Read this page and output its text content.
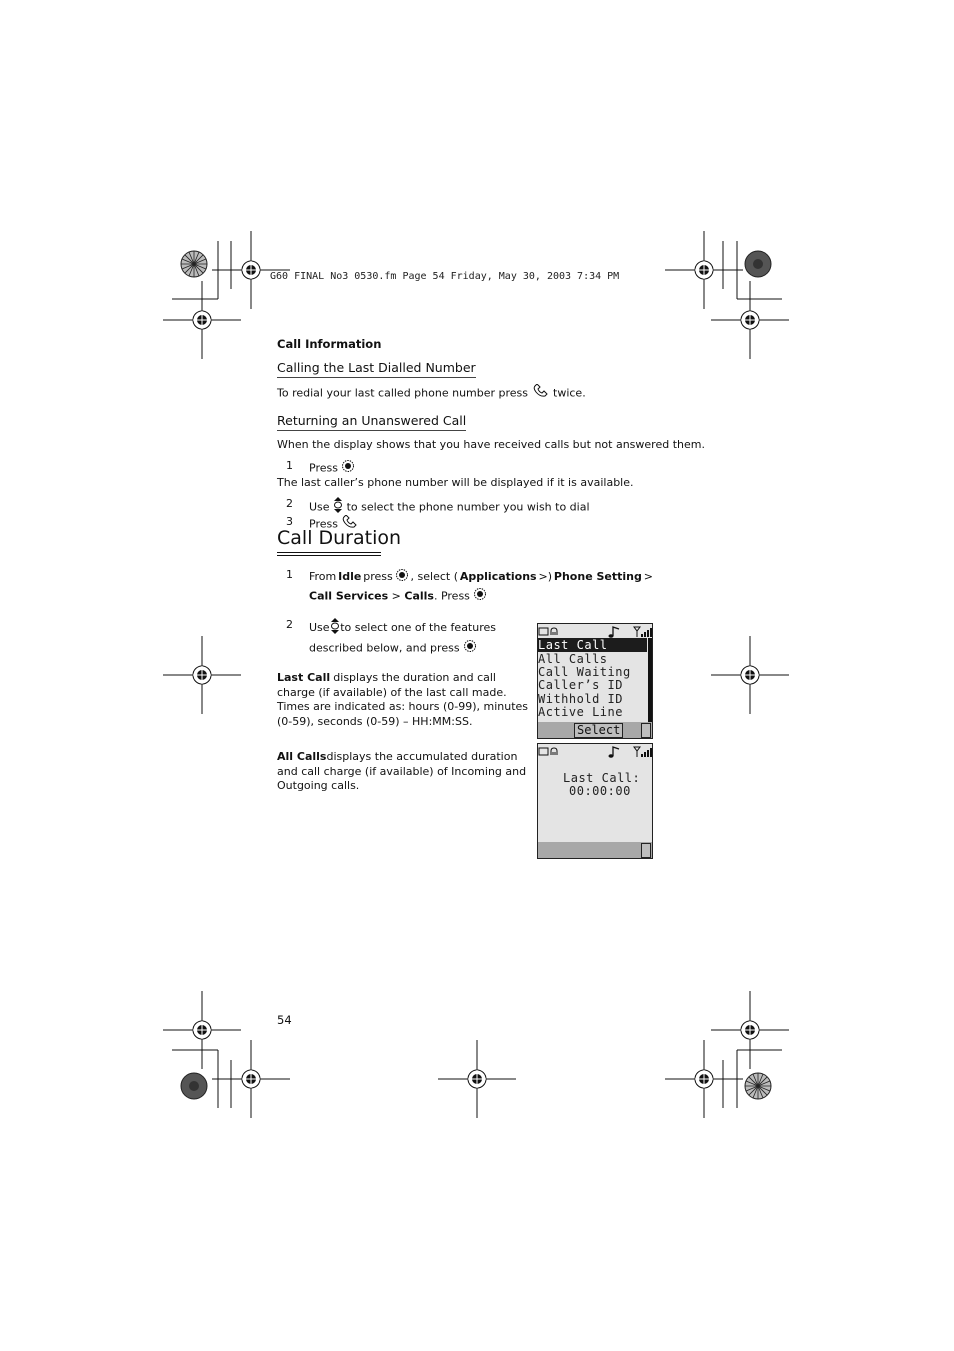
G60 FINAL No3 0530.fm Page 54 Friday, May 30, 2003 7:34 PM
Call Information
Calling the Last Dialled Number
To redial your last called phone number press twice.
Returning an Unanswered Call
When the display shows that you have received calls but not answered them.
1 Press
The last caller’s phone number will be displayed if it is available.
2 Use to select the phone number you wish to dial
3 Press
Call Duration
1 From Idle press , select ( Applications >) Phone Setting >
Call Services > Calls. Press
2 Use to select one of the features
described below, and press
Last Call displays the duration and call
charge (if available) of the last call made.
Times are indicated as: hours (0-99), minutes
(0-59), seconds (0-59) – HH:MM:SS.
All Calls displays the accumulated duration
and call charge (if available) of Incoming and
Outgoing calls.
Last Call
All Calls
Call Waiting
Caller’s ID
Withhold ID
Active Line
Select
Last Call:
00:00:00
54
